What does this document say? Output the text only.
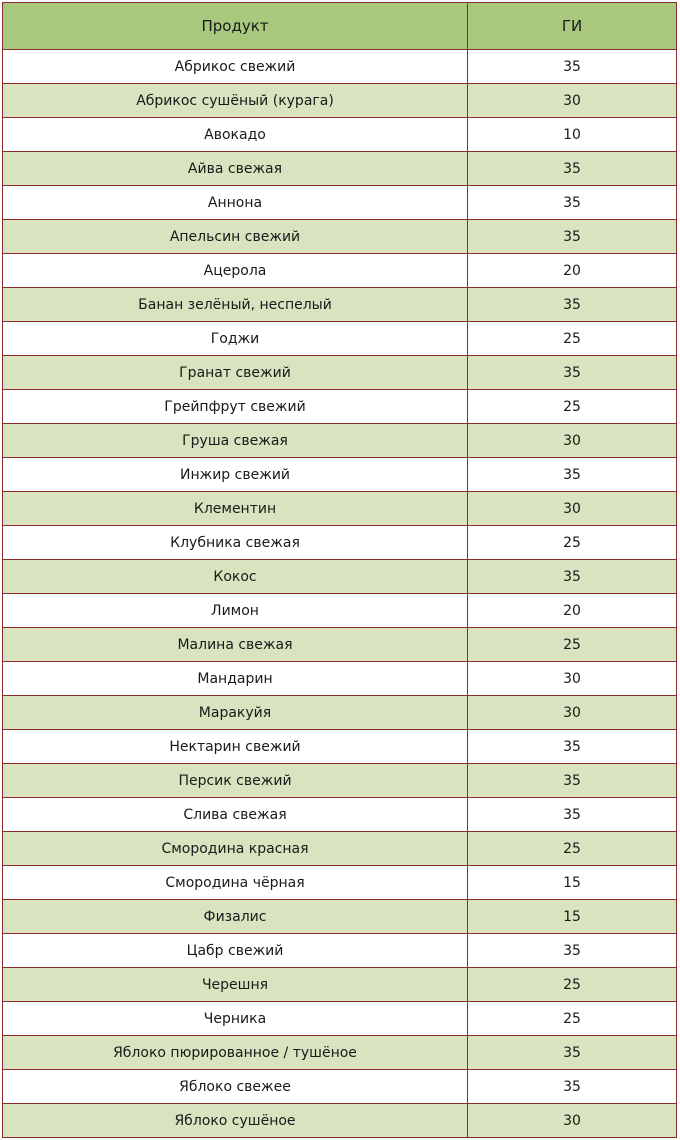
Продукт	ГИ
Абрикос свежий	35
Абрикос сушёный (курага)	30
Авокадо	10
Айва свежая	35
Аннона	35
Апельсин свежий	35
Ацерола	20
Банан зелёный, неспелый	35
Годжи	25
Гранат свежий	35
Грейпфрут свежий	25
Груша свежая	30
Инжир свежий	35
Клементин	30
Клубника свежая	25
Кокос	35
Лимон	20
Малина свежая	25
Мандарин	30
Маракуйя	30
Нектарин свежий	35
Персик свежий	35
Слива свежая	35
Смородина красная	25
Смородина чёрная	15
Физалис	15
Цабр свежий	35
Черешня	25
Черника	25
Яблоко пюрированное / тушёное	35
Яблоко свежее	35
Яблоко сушёное	30
